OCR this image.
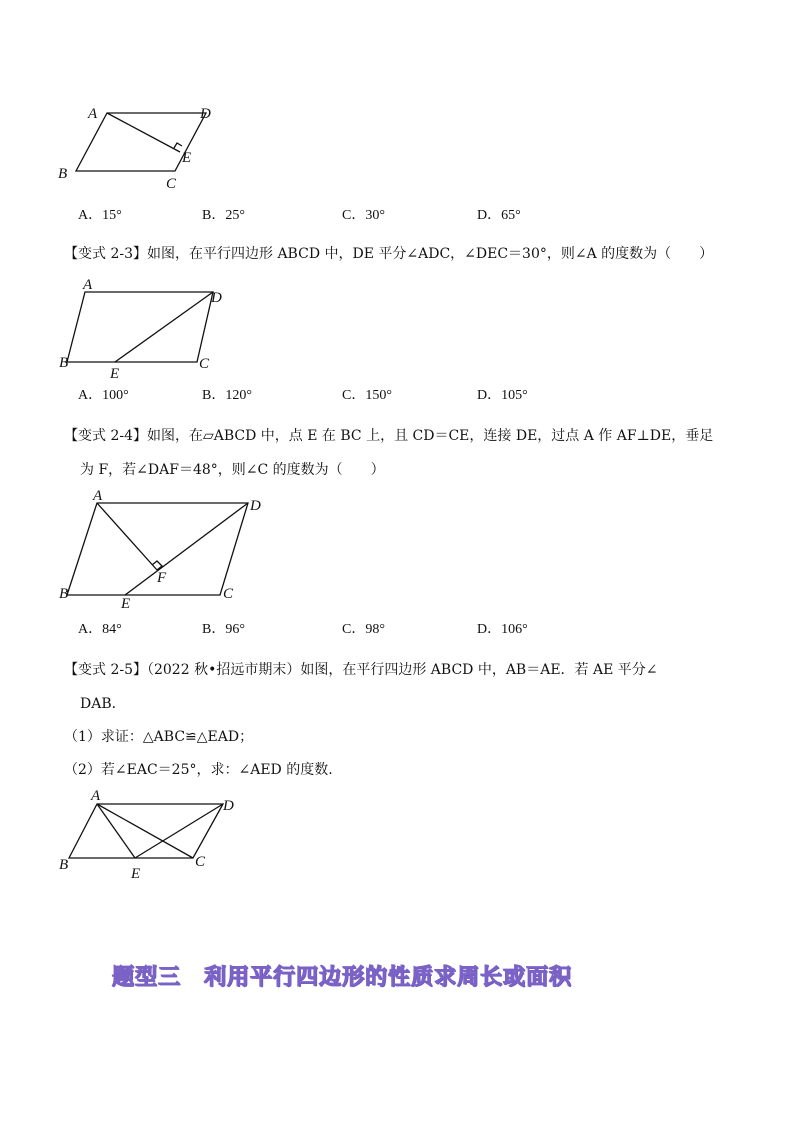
A	D
B
C
E
A．15°	B．25°	C．30°	D．65°
【变式 2-3】如图，在平行四边形 ABCD 中，DE 平分∠ADC，∠DEC＝30°，则∠A 的度数为（　　）
A
D
B	C
E
A．100°	B．120°	C．150°	D．105°
【变式 2-4】如图，在▱ABCD 中，点 E 在 BC 上，且 CD＝CE，连接 DE，过点 A 作 AF⊥DE，垂足
为 F，若∠DAF＝48°，则∠C 的度数为（　　）
A
D
B	C
E
F
A．84°	B．96°	C．98°	D．106°
【变式 2-5】（2022 秋•招远市期末）如图，在平行四边形 ABCD 中，AB＝AE．若 AE 平分∠
DAB．
（1）求证：△ABC≌△EAD；
（2）若∠EAC＝25°，求：∠AED 的度数.
A
D
B	C
E
题型三　利用平行四边形的性质求周长或面积
